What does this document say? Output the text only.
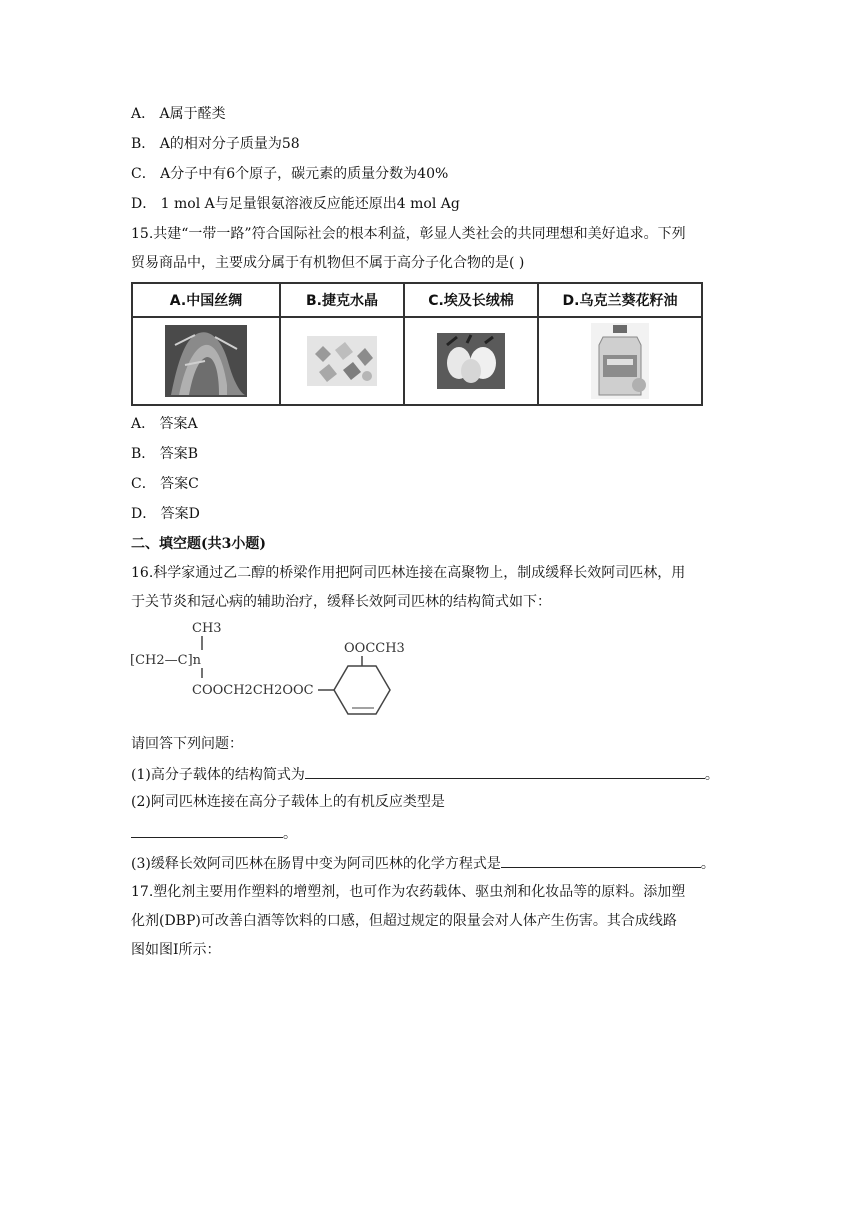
A． A属于醛类
B． A的相对分子质量为58
C． A分子中有6个原子，碳元素的质量分数为40%
D． 1 mol A与足量银氨溶液反应能还原出4 mol Ag
15.共建“一带一路”符合国际社会的根本利益，彰显人类社会的共同理想和美好追求。下列
贸易商品中，主要成分属于有机物但不属于高分子化合物的是( )
A.中国丝绸	B.捷克水晶	C.埃及长绒棉	D.乌克兰葵花籽油

A． 答案A
B． 答案B
C． 答案C
D． 答案D
二、填空题(共3小题)
16.科学家通过乙二醇的桥梁作用把阿司匹林连接在高聚物上，制成缓释长效阿司匹林，用
于关节炎和冠心病的辅助治疗，缓释长效阿司匹林的结构简式如下：
CH3
[CH2—C]n
COOCH2CH2OOC
OOCCH3
请回答下列问题：
(1)高分子载体的结构简式为	。
(2)阿司匹林连接在高分子载体上的有机反应类型是
。
(3)缓释长效阿司匹林在肠胃中变为阿司匹林的化学方程式是	。
17.塑化剂主要用作塑料的增塑剂，也可作为农药载体、驱虫剂和化妆品等的原料。添加塑
化剂(DBP)可改善白酒等饮料的口感，但超过规定的限量会对人体产生伤害。其合成线路
图如图Ⅰ所示：
